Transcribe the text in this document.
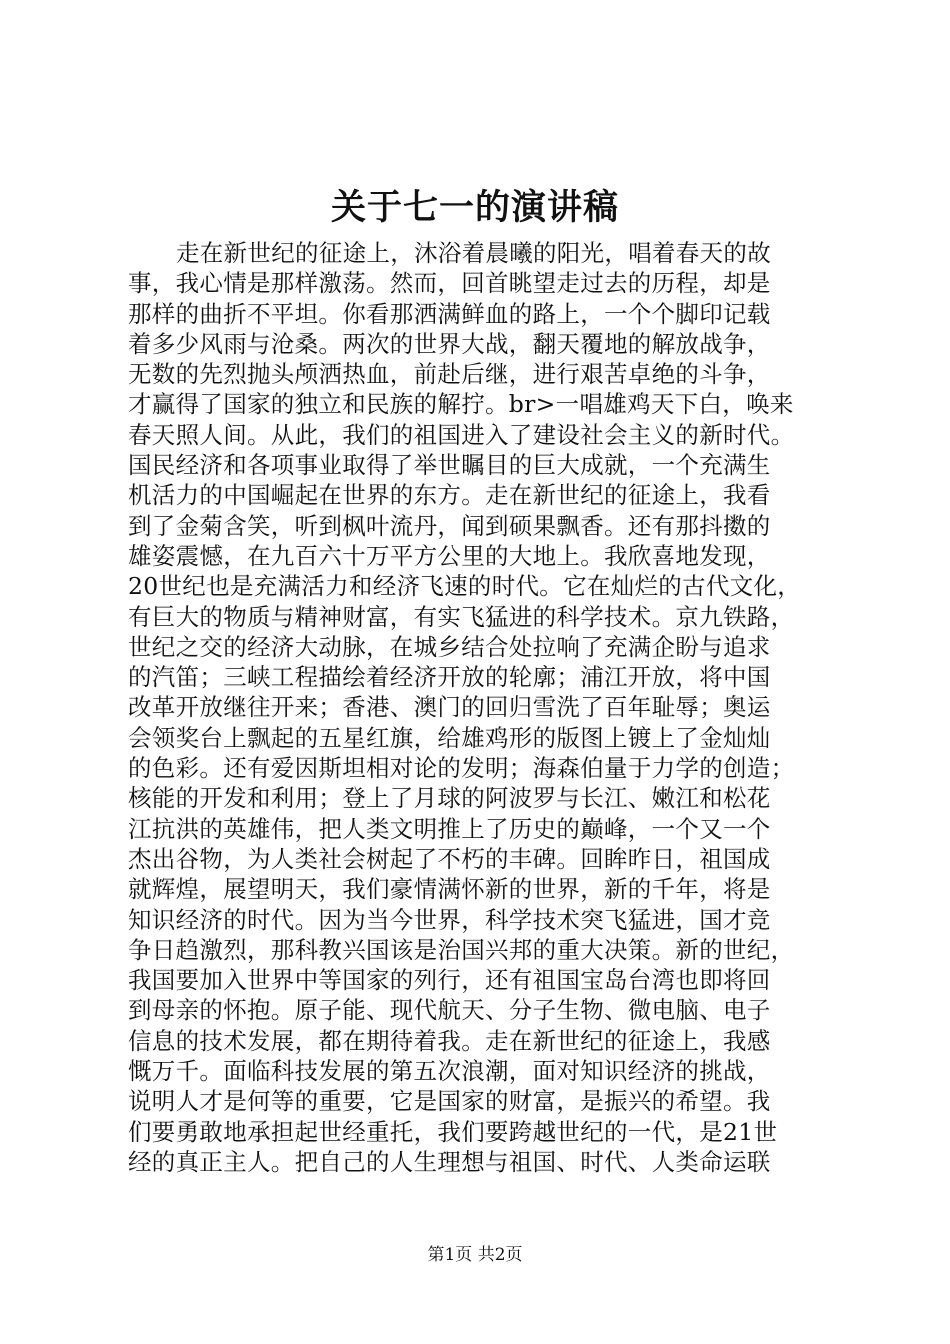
关于七一的演讲稿
走在新世纪的征途上，沐浴着晨曦的阳光，唱着春天的故
事，我心情是那样激荡。然而，回首眺望走过去的历程，却是
那样的曲折不平坦。你看那洒满鲜血的路上，一个个脚印记载
着多少风雨与沧桑。两次的世界大战，翻天覆地的解放战争，
无数的先烈抛头颅洒热血，前赴后继，进行艰苦卓绝的斗争，
才赢得了国家的独立和民族的解拧。br>一唱雄鸡天下白，唤来
春天照人间。从此，我们的祖国进入了建设社会主义的新时代。
国民经济和各项事业取得了举世瞩目的巨大成就，一个充满生
机活力的中国崛起在世界的东方。走在新世纪的征途上，我看
到了金菊含笑，听到枫叶流丹，闻到硕果飘香。还有那抖擞的
雄姿震憾，在九百六十万平方公里的大地上。我欣喜地发现，
20世纪也是充满活力和经济飞速的时代。它在灿烂的古代文化，
有巨大的物质与精神财富，有实飞猛进的科学技术。京九铁路，
世纪之交的经济大动脉，在城乡结合处拉响了充满企盼与追求
的汽笛；三峡工程描绘着经济开放的轮廓；浦江开放，将中国
改革开放继往开来；香港、澳门的回归雪洗了百年耻辱；奥运
会领奖台上飘起的五星红旗，给雄鸡形的版图上镀上了金灿灿
的色彩。还有爱因斯坦相对论的发明；海森伯量于力学的创造；
核能的开发和利用；登上了月球的阿波罗与长江、嫩江和松花
江抗洪的英雄伟，把人类文明推上了历史的巅峰，一个又一个
杰出谷物，为人类社会树起了不朽的丰碑。回眸昨日，祖国成
就辉煌，展望明天，我们豪情满怀新的世界，新的千年，将是
知识经济的时代。因为当今世界，科学技术突飞猛进，国才竞
争日趋激烈，那科教兴国该是治国兴邦的重大决策。新的世纪，
我国要加入世界中等国家的列行，还有祖国宝岛台湾也即将回
到母亲的怀抱。原子能、现代航天、分子生物、微电脑、电子
信息的技术发展，都在期待着我。走在新世纪的征途上，我感
慨万千。面临科技发展的第五次浪潮，面对知识经济的挑战，
说明人才是何等的重要，它是国家的财富，是振兴的希望。我
们要勇敢地承担起世经重托，我们要跨越世纪的一代，是21世
经的真正主人。把自己的人生理想与祖国、时代、人类命运联
第1页 共2页
